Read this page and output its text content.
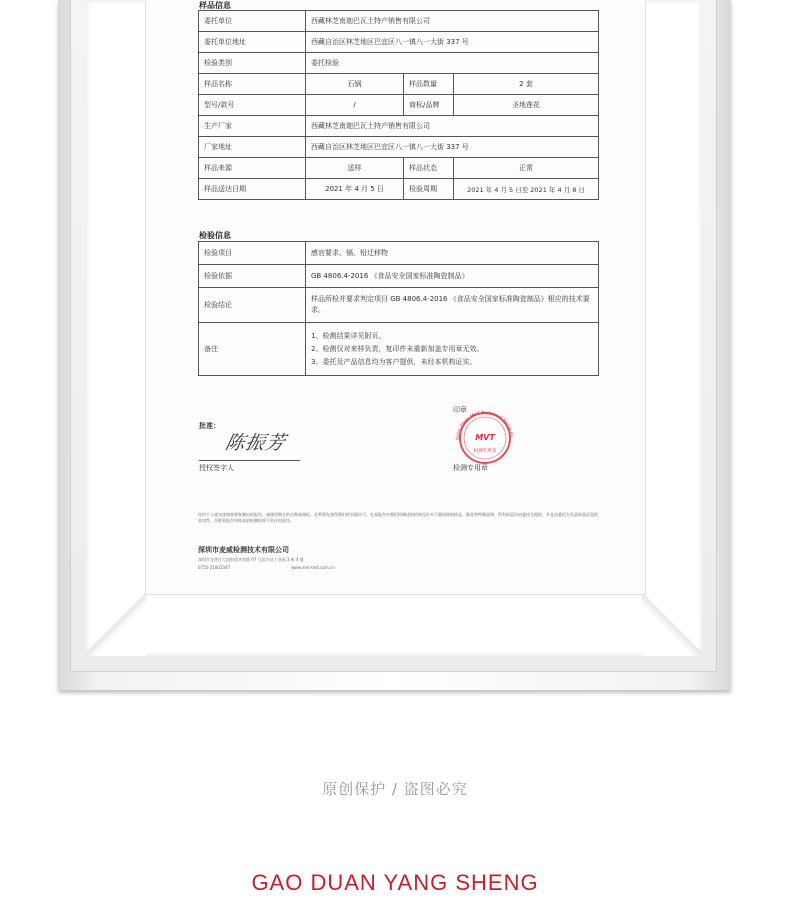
样品信息
委托单位	西藏林芝南迦巴瓦土特产销售有限公司		
委托单位地址	西藏自治区林芝地区巴宜区八一镇八一大街 337 号		
检验类别	委托检验		
样品名称	石锅	样品数量	2 套
型号/款号	/	商标/品牌	圣地莲花
生产厂家	西藏林芝南迦巴瓦土特产销售有限公司		
厂家地址	西藏自治区林芝地区巴宜区八一镇八一大街 337 号		
样品来源	送样	样品状态	正常
样品送达日期	2021 年 4 月 5 日	检验周期	2021 年 4 月 5 日至 2021 年 4 月 8 日
检验信息
检验项目	感官要求、镉、铅迁移物
检验依据	GB 4806.4-2016 《食品安全国家标准陶瓷制品》
检验结论	样品所检并要求判定项目 GB 4806.4-2016 《食品安全国家标准陶瓷制品》相应的技术要求。
备注	1、检测结果详见附页。
2、检测仅对来样负责，复印件未重新加盖专用章无效。
3、委托及产品信息均为客户提供，未经本机构证实。
批准：
陈振芳
授权签字人
印章
Shen Zhen MVT Technical Services
MVT
检测专用章
检测专用章
任何个人或实体如果要复制出检报告，或使用我方的名称或商标，必须事先获得我们的书面许可。在本报告中我们所阐述的结果仅针对于测试样的样品，除非有特殊说明，所有样品均由委托方提供，并且由委托方负责样品信息的真实性，否则本报告对样品的检测结果不负任何责任。
深圳市麦威检测技术有限公司
深圳市龙华区大浪街道华荣路 97 号国力达工业园 3 栋 4 楼
0755-21002347	www.mvt-test.com.cn
原创保护 / 盗图必究
GAO DUAN YANG SHENG
